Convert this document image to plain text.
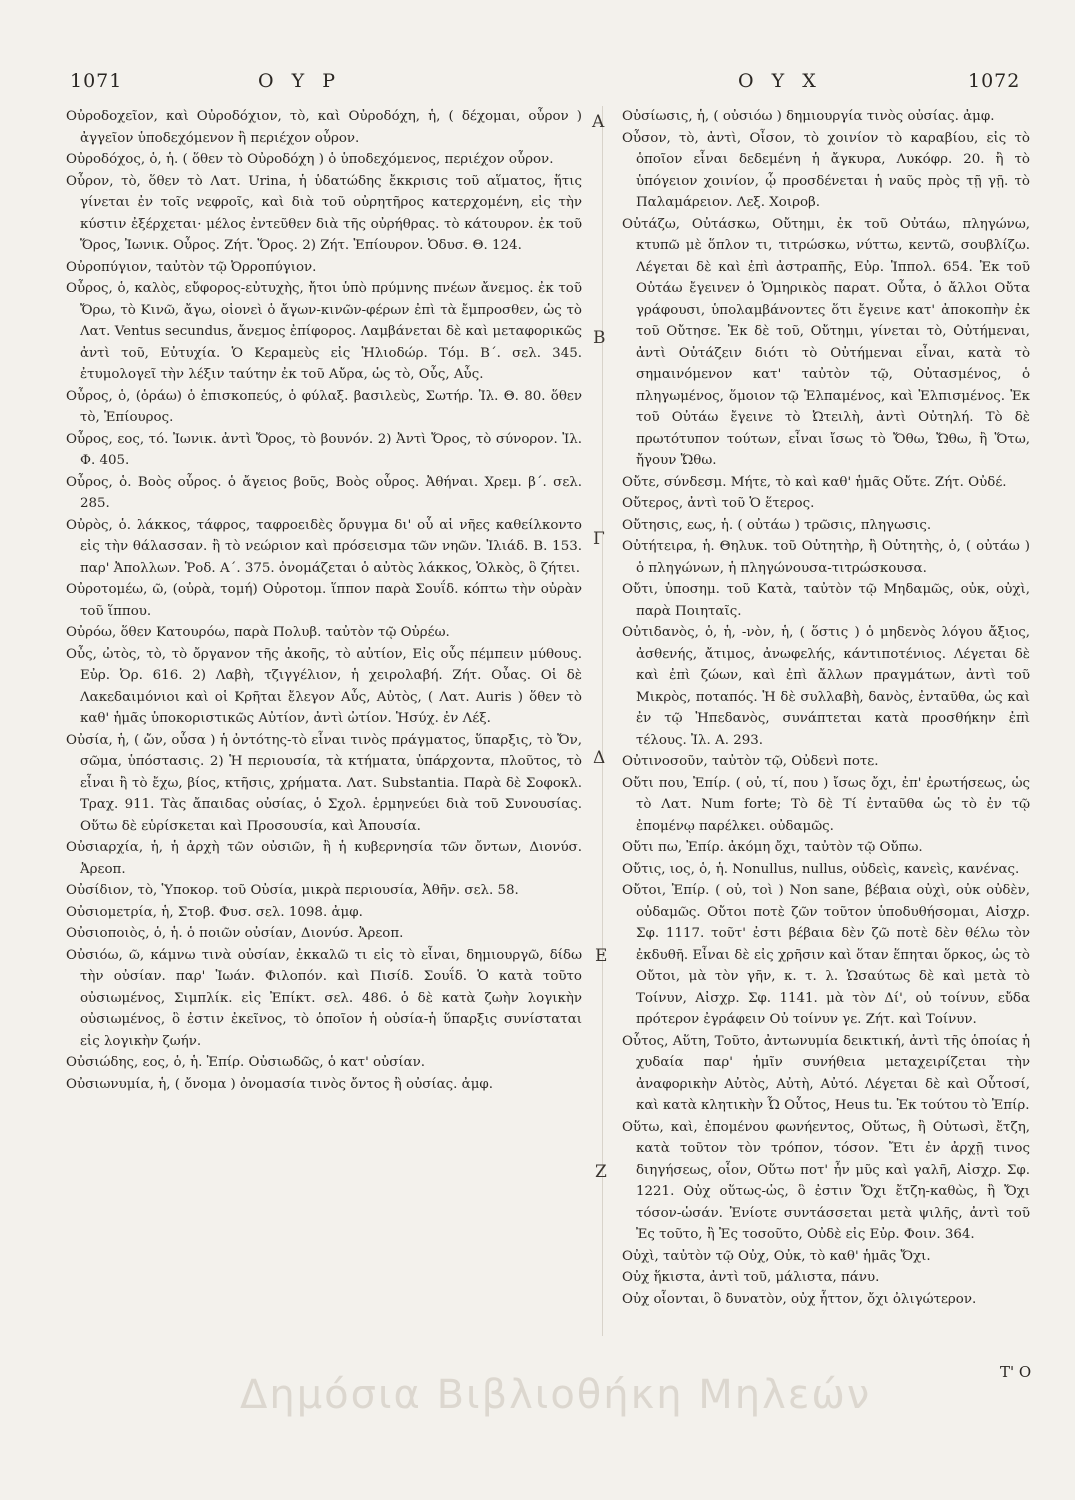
1071	Ο Υ Ρ	Ο Υ Χ	1072

Οὐροδοχεῖον, καὶ Οὐροδόχιον, τὸ, καὶ Οὐροδόχη, ἡ, ( δέχομαι, οὖρον ) ἀγγεῖον ὑποδεχόμενον ἢ περιέχον οὖρον.

Οὐροδόχος, ὁ, ἡ. ( ὅθεν τὸ Οὐροδόχη ) ὁ ὑποδεχόμενος, περιέχον οὖρον.

Οὖρον, τὸ, ὅθεν τὸ Λατ. Urina, ἡ ὑδατώδης ἔκκρισις τοῦ αἵματος, ἥτις γίνεται ἐν τοῖς νεφροῖς, καὶ διὰ τοῦ οὐρητῆρος κατερχομένη, εἰς τὴν κύστιν ἐξέρχεται· μέλος ἐντεῦθεν διὰ τῆς οὐρήθρας. τὸ κάτουρον. ἐκ τοῦ Ὅρος, Ἰωνικ. Οὖρος. Ζήτ. Ὅρος. 2) Ζήτ. Ἐπίουρον. Ὀδυσ. Θ. 124.

Οὐροπύγιον, ταὐτὸν τῷ Ὀρροπύγιον.

Οὖρος, ὁ, καλὸς, εὔφορος-εὐτυχὴς, ἤτοι ὑπὸ πρύμνης πνέων ἄνεμος. ἐκ τοῦ Ὄρω, τὸ Κινῶ, ἄγω, οἱονεὶ ὁ ἄγων-κινῶν-φέρων ἐπὶ τὰ ἔμπροσθεν, ὡς τὸ Λατ. Ventus secundus, ἄνεμος ἐπίφορος. Λαμβάνεται δὲ καὶ μεταφορικῶς ἀντὶ τοῦ, Εὐτυχία. Ὁ Κεραμεὺς εἰς Ἡλιοδώρ. Τόμ. Β΄. σελ. 345. ἐτυμολογεῖ τὴν λέξιν ταύτην ἐκ τοῦ Αὔρα, ὡς τὸ, Οὖς, Αὖς.

Οὖρος, ὁ, (ὁράω) ὁ ἐπισκοπεύς, ὁ φύλαξ. βασιλεὺς, Σωτήρ. Ἰλ. Θ. 80. ὅθεν τὸ, Ἐπίουρος.

Οὖρος, εος, τό. Ἰωνικ. ἀντὶ Ὄρος, τὸ βουνόν. 2) Ἀντὶ Ὄρος, τὸ σύνορον. Ἰλ. Φ. 405.

Οὖρος, ὁ. Βοὸς οὖρος. ὁ ἄγειος βοῦς, Βοὸς οὖρος. Ἀθήναι. Χρεμ. β΄. σελ. 285.

Οὐρὸς, ὁ. λάκκος, τάφρος, ταφροειδὲς ὄρυγμα δι' οὗ αἱ νῆες καθείλκοντο εἰς τὴν θάλασσαν. ἢ τὸ νεώριον καὶ πρόσεισμα τῶν νηῶν. Ἰλιάδ. Β. 153. παρ' Ἀπολλων. Ῥοδ. Α΄. 375. ὀνομάζεται ὁ αὐτὸς λάκκος, Ὁλκὸς, ὃ ζήτει.

Οὐροτομέω, ῶ, (οὐρὰ, τομή) Οὐροτομ. ἵππον παρὰ Σουΐδ. κόπτω τὴν οὐρὰν τοῦ ἵππου.

Οὐρόω, ὅθεν Κατουρόω, παρὰ Πολυβ. ταὐτὸν τῷ Οὐρέω.

Οὖς, ὠτὸς, τὸ, τὸ ὄργανον τῆς ἀκοῆς, τὸ αὐτίον, Εἰς οὖς πέμπειν μύθους. Εὐρ. Ὀρ. 616. 2) Λαβὴ, τζιγγέλιον, ἡ χειρολαβή. Ζήτ. Οὖας. Οἱ δὲ Λακεδαιμόνιοι καὶ οἱ Κρῆται ἔλεγον Αὖς, Αὐτὸς, ( Λατ. Auris ) ὅθεν τὸ καθ' ἡμᾶς ὑποκοριστικῶς Αὐτίον, ἀντὶ ὠτίον. Ἡσύχ. ἐν Λέξ.

Οὐσία, ἡ, ( ὤν, οὖσα ) ἡ ὀντότης-τὸ εἶναι τινὸς πράγματος, ὕπαρξις, τὸ Ὄν, σῶμα, ὑπόστασις. 2) Ἡ περιουσία, τὰ κτήματα, ὑπάρχοντα, πλοῦτος, τὸ εἶναι ἢ τὸ ἔχω, βίος, κτῆσις, χρήματα. Λατ. Substantia. Παρὰ δὲ Σοφοκλ. Τραχ. 911. Τὰς ἄπαιδας οὐσίας, ὁ Σχολ. ἑρμηνεύει διὰ τοῦ Συνουσίας. Οὕτω δὲ εὑρίσκεται καὶ Προσουσία, καὶ Ἀπουσία.

Οὐσιαρχία, ἡ, ἡ ἀρχὴ τῶν οὐσιῶν, ἢ ἡ κυβερνησία τῶν ὄντων, Διονύσ. Ἀρεοπ.

Οὐσίδιον, τὸ, Ὑποκορ. τοῦ Οὐσία, μικρὰ περιουσία, Ἀθῆν. σελ. 58.

Οὐσιομετρία, ἡ, Στοβ. Φυσ. σελ. 1098. ἀμφ.

Οὐσιοποιὸς, ὁ, ἡ. ὁ ποιῶν οὐσίαν, Διονύσ. Ἀρεοπ.

Οὐσιόω, ῶ, κάμνω τινὰ οὐσίαν, ἐκκαλῶ τι εἰς τὸ εἶναι, δημιουργῶ, δίδω τὴν οὐσίαν. παρ' Ἰωάν. Φιλοπόν. καὶ Πισίδ. Σουΐδ. Ὁ κατὰ τοῦτο οὐσιωμένος, Σιμπλίκ. εἰς Ἐπίκτ. σελ. 486. ὁ δὲ κατὰ ζωὴν λογικὴν οὐσιωμένος, ὃ ἐστιν ἐκεῖνος, τὸ ὁποῖον ἡ οὐσία-ἡ ὕπαρξις συνίσταται εἰς λογικὴν ζωήν.

Οὐσιώδης, εος, ὁ, ἡ. Ἐπίρ. Οὐσιωδῶς, ὁ κατ' οὐσίαν.

Οὐσιωνυμία, ἡ, ( ὄνομα ) ὀνομασία τινὸς ὄντος ἢ οὐσίας. ἀμφ.

Οὐσίωσις, ἡ, ( οὐσιόω ) δημιουργία τινὸς οὐσίας. ἀμφ.

Οὖσον, τὸ, ἀντὶ, Οἶσον, τὸ χοινίον τὸ καραβίου, εἰς τὸ ὁποῖον εἶναι δεδεμένη ἡ ἄγκυρα, Λυκόφρ. 20. ἢ τὸ ὑπόγειον χοινίον, ᾧ προσδένεται ἡ ναῦς πρὸς τῇ γῇ. τὸ Παλαμάρειον. Λεξ. Χοιροβ.

Οὐτάζω, Οὐτάσκω, Οὔτημι, ἐκ τοῦ Οὐτάω, πληγώνω, κτυπῶ μὲ ὅπλον τι, τιτρώσκω, νύττω, κεντῶ, σουβλίζω. Λέγεται δὲ καὶ ἐπὶ ἀστραπῆς, Εὐρ. Ἱππολ. 654. Ἐκ τοῦ Οὐτάω ἔγεινεν ὁ Ὁμηρικὸς παρατ. Οὖτα, ὁ ἄλλοι Οὔτα γράφουσι, ὑπολαμβάνοντες ὅτι ἔγεινε κατ' ἀποκοπὴν ἐκ τοῦ Οὔτησε. Ἐκ δὲ τοῦ, Οὔτημι, γίνεται τὸ, Οὐτήμεναι, ἀντὶ Οὐτάζειν διότι τὸ Οὐτήμεναι εἶναι, κατὰ τὸ σημαινόμενον κατ' ταὐτὸν τῷ, Οὐτασμένος, ὁ πληγωμένος, ὅμοιον τῷ Ἐλπαμένος, καὶ Ἐλπισμένος. Ἐκ τοῦ Οὐτάω ἔγεινε τὸ Ὠτειλὴ, ἀντὶ Οὐτηλή. Τὸ δὲ πρωτότυπον τούτων, εἶναι ἴσως τὸ Ὄθω, Ὤθω, ἢ Ὅτω, ἤγουν Ὤθω.

Οὔτε, σύνδεσμ. Μήτε, τὸ καὶ καθ' ἡμᾶς Οὔτε. Ζήτ. Οὐδέ.

Οὔτερος, ἀντὶ τοῦ Ὁ ἕτερος.

Οὔτησις, εως, ἡ. ( οὐτάω ) τρῶσις, πληγωσις.

Οὐτήτειρα, ἡ. Θηλυκ. τοῦ Οὐτητὴρ, ἢ Οὐτητὴς, ὁ, ( οὐτάω ) ὁ πληγώνων, ἡ πληγώνουσα-τιτρώσκουσα.

Οὔτι, ὑποσημ. τοῦ Κατὰ, ταὐτὸν τῷ Μηδαμῶς, οὐκ, οὐχὶ, παρὰ Ποιηταῖς.

Οὐτιδανὸς, ὁ, ἡ, -νὸν, ἡ, ( ὅστις ) ὁ μηδενὸς λόγου ἄξιος, ἀσθενής, ἄτιμος, ἀνωφελής, κάντιποτένιος. Λέγεται δὲ καὶ ἐπὶ ζώων, καὶ ἐπὶ ἄλλων πραγμάτων, ἀντὶ τοῦ Μικρὸς, ποταπός. Ἡ δὲ συλλαβὴ, δανὸς, ἐνταῦθα, ὡς καὶ ἐν τῷ Ἠπεδανὸς, συνάπτεται κατὰ προσθήκην ἐπὶ τέλους. Ἰλ. Α. 293.

Οὐτινοσοῦν, ταὐτὸν τῷ, Οὐδενὶ ποτε.

Οὔτι που, Ἐπίρ. ( οὐ, τί, που ) ἴσως ὄχι, ἐπ' ἐρωτήσεως, ὡς τὸ Λατ. Num forte; Τὸ δὲ Τί ἐνταῦθα ὡς τὸ ἐν τῷ ἐπομένῳ παρέλκει. οὐδαμῶς.

Οὔτι πω, Ἐπίρ. ἀκόμη ὄχι, ταὐτὸν τῷ Οὔπω.

Οὔτις, ιος, ὁ, ἡ. Nonullus, nullus, οὐδεὶς, κανεὶς, κανένας.

Οὔτοι, Ἐπίρ. ( οὐ, τοὶ ) Non sane, βέβαια οὐχὶ, οὐκ οὐδὲν, οὐδαμῶς. Οὔτοι ποτὲ ζῶν τοῦτον ὑποδυθήσομαι, Αἰσχρ. Σφ. 1117. τοῦτ' ἐστι βέβαια δὲν ζῶ ποτὲ δὲν θέλω τὸν ἐκδυθῆ. Εἶναι δὲ εἰς χρῆσιν καὶ ὅταν ἕπηται ὅρκος, ὡς τὸ Οὔτοι, μὰ τὸν γῆν, κ. τ. λ. Ὡσαύτως δὲ καὶ μετὰ τὸ Τοίνυν, Αἰσχρ. Σφ. 1141. μὰ τὸν Δί', οὐ τοίνυν, εὔδα πρότερον ἐγράφειν Οὐ τοίνυν γε. Ζήτ. καὶ Τοίνυν.

Οὗτος, Αὕτη, Τοῦτο, ἀντωνυμία δεικτική, ἀντὶ τῆς ὁποίας ἡ χυδαία παρ' ἡμῖν συνήθεια μεταχειρίζεται τὴν ἀναφορικὴν Αὐτὸς, Αὐτὴ, Αὐτό. Λέγεται δὲ καὶ Οὗτοσί, καὶ κατὰ κλητικὴν Ὦ Οὗτος, Heus tu. Ἐκ τούτου τὸ Ἐπίρ.

Οὕτω, καὶ, ἐπομένου φωνήεντος, Οὕτως, ἢ Οὑτωσὶ, ἔτζη, κατὰ τοῦτον τὸν τρόπον, τόσον. Ἔτι ἐν ἀρχῇ τινος διηγήσεως, οἷον, Οὕτω ποτ' ἦν μῦς καὶ γαλῆ, Αἰσχρ. Σφ. 1221. Οὐχ οὕτως-ὡς, ὃ ἐστιν Ὄχι ἔτζη-καθὼς, ἢ Ὄχι τόσον-ὡσάν. Ἐνίοτε συντάσσεται μετὰ ψιλῆς, ἀντὶ τοῦ Ἐς τοῦτο, ἢ Ἐς τοσοῦτο, Οὐδὲ εἰς Εὐρ. Φοιν. 364.

Οὐχὶ, ταὐτὸν τῷ Οὐχ, Οὐκ, τὸ καθ' ἡμᾶς Ὄχι.

Οὐχ ἥκιστα, ἀντὶ τοῦ, μάλιστα, πάνυ.

Οὐχ οἷονται, ὃ δυνατὸν, οὐχ ἧττον, ὄχι ὀλιγώτερον.

A
B
Γ
Δ
E
Z
Τ' Ο
Δημόσια Βιβλιοθήκη Μηλεών
